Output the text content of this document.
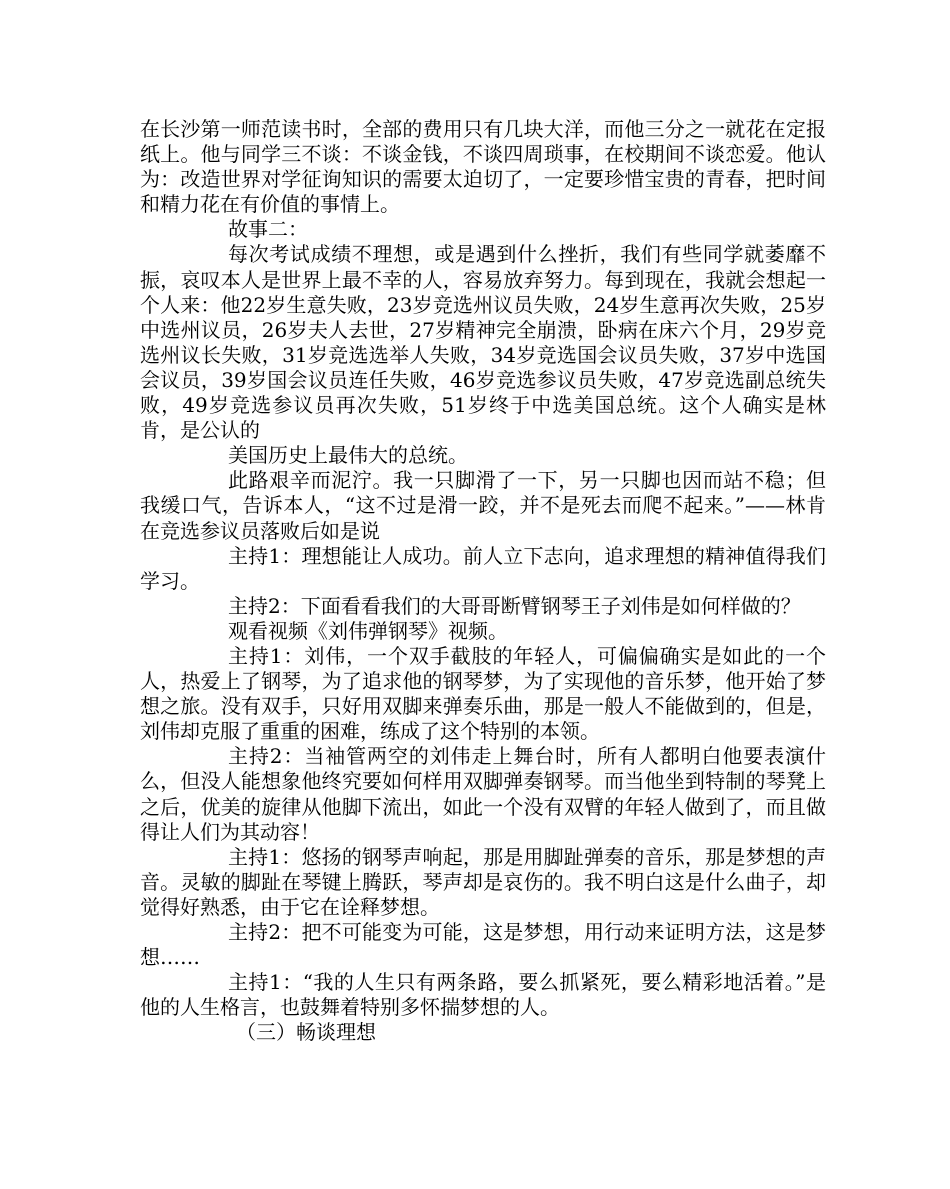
在长沙第一师范读书时，全部的费用只有几块大洋，而他三分之一就花在定报纸上。他与同学三不谈：不谈金钱，不谈四周琐事，在校期间不谈恋爱。他认为：改造世界对学征询知识的需要太迫切了，一定要珍惜宝贵的青春，把时间和精力花在有价值的事情上。

故事二：

每次考试成绩不理想，或是遇到什么挫折，我们有些同学就萎靡不振，哀叹本人是世界上最不幸的人，容易放弃努力。每到现在，我就会想起一个人来：他22岁生意失败，23岁竞选州议员失败，24岁生意再次失败，25岁中选州议员，26岁夫人去世，27岁精神完全崩溃，卧病在床六个月，29岁竞选州议长失败，31岁竞选选举人失败，34岁竞选国会议员失败，37岁中选国会议员，39岁国会议员连任失败，46岁竞选参议员失败，47岁竞选副总统失败，49岁竞选参议员再次失败，51岁终于中选美国总统。这个人确实是林肯，是公认的

美国历史上最伟大的总统。

此路艰辛而泥泞。我一只脚滑了一下，另一只脚也因而站不稳；但我缓口气，告诉本人，“这不过是滑一跤，并不是死去而爬不起来。”——林肯在竞选参议员落败后如是说

主持1：理想能让人成功。前人立下志向，追求理想的精神值得我们学习。

主持2：下面看看我们的大哥哥断臂钢琴王子刘伟是如何样做的？

观看视频《刘伟弹钢琴》视频。

主持1：刘伟，一个双手截肢的年轻人，可偏偏确实是如此的一个人，热爱上了钢琴，为了追求他的钢琴梦，为了实现他的音乐梦，他开始了梦想之旅。没有双手，只好用双脚来弹奏乐曲，那是一般人不能做到的，但是，刘伟却克服了重重的困难，练成了这个特别的本领。

主持2：当袖管两空的刘伟走上舞台时，所有人都明白他要表演什么，但没人能想象他终究要如何样用双脚弹奏钢琴。而当他坐到特制的琴凳上之后，优美的旋律从他脚下流出，如此一个没有双臂的年轻人做到了，而且做得让人们为其动容！

主持1：悠扬的钢琴声响起，那是用脚趾弹奏的音乐，那是梦想的声音。灵敏的脚趾在琴键上腾跃，琴声却是哀伤的。我不明白这是什么曲子，却觉得好熟悉，由于它在诠释梦想。

主持2：把不可能变为可能，这是梦想，用行动来证明方法，这是梦想……

主持1：“我的人生只有两条路，要么抓紧死，要么精彩地活着。”是他的人生格言，也鼓舞着特别多怀揣梦想的人。

（三）畅谈理想
